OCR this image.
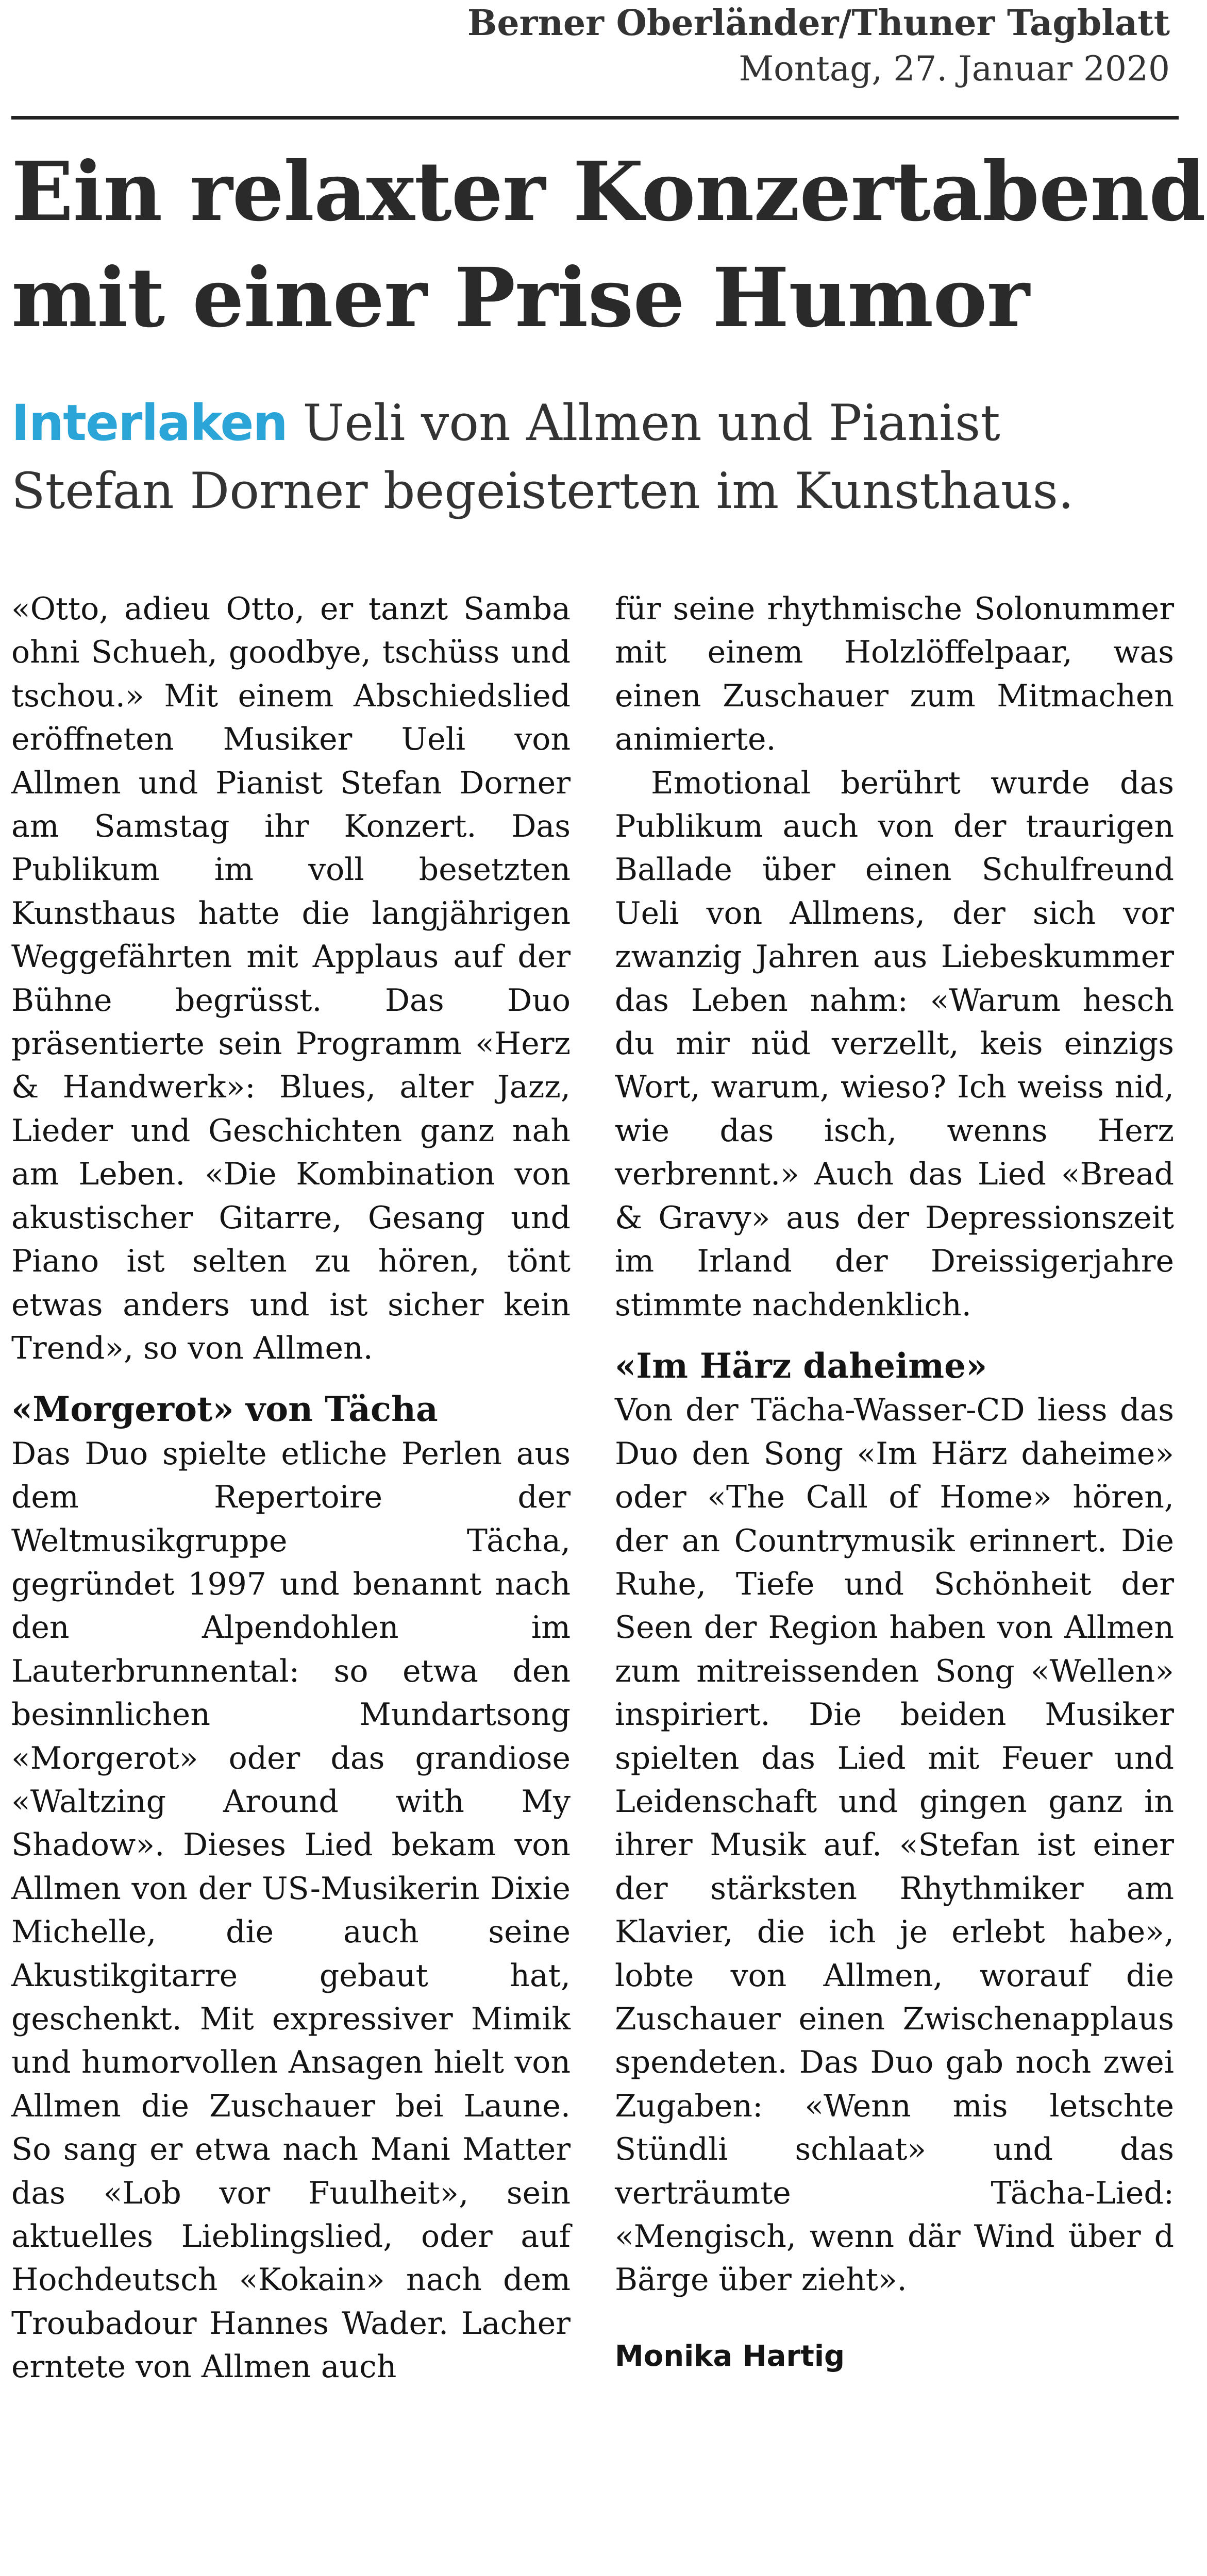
Berner Oberländer/Thuner Tagblatt
Montag, 27. Januar 2020
Ein relaxter Konzertabend
mit einer Prise Humor
Interlaken Ueli von Allmen und Pianist
Stefan Dorner begeisterten im Kunsthaus.

«Otto, adieu Otto, er tanzt Samba ohni Schueh, goodbye, tschüss und tschou.» Mit einem Abschiedslied eröffneten Musiker Ueli von Allmen und Pianist Stefan Dorner am Samstag ihr Konzert. Das Publikum im voll besetzten Kunsthaus hatte die langjährigen Weggefährten mit Applaus auf der Bühne begrüsst. Das Duo präsentierte sein Programm «Herz & Handwerk»: Blues, alter Jazz, Lieder und Geschichten ganz nah am Leben. «Die Kombination von akustischer Gitarre, Gesang und Piano ist selten zu hören, tönt etwas anders und ist sicher kein Trend», so von Allmen.

«Morgerot» von Tächa

Das Duo spielte etliche Perlen aus dem Repertoire der Weltmusikgruppe Tächa, gegründet 1997 und benannt nach den Alpendohlen im Lauterbrunnental: so etwa den besinnlichen Mundartsong «Morgerot» oder das grandiose «Waltzing Around with My Shadow». Dieses Lied bekam von Allmen von der US-Musikerin Dixie Michelle, die auch seine Akustikgitarre gebaut hat, geschenkt. Mit expressiver Mimik und humorvollen Ansagen hielt von Allmen die Zuschauer bei Laune. So sang er etwa nach Mani Matter das «Lob vor Fuulheit», sein aktuelles Lieblingslied, oder auf Hochdeutsch «Kokain» nach dem Troubadour Hannes Wader. Lacher erntete von Allmen auch

für seine rhythmische Solonummer mit einem Holzlöffelpaar, was einen Zuschauer zum Mitmachen animierte.

Emotional berührt wurde das Publikum auch von der traurigen Ballade über einen Schulfreund Ueli von Allmens, der sich vor zwanzig Jahren aus Liebeskummer das Leben nahm: «Warum hesch du mir nüd verzellt, keis einzigs Wort, warum, wieso? Ich weiss nid, wie das isch, wenns Herz verbrennt.» Auch das Lied «Bread & Gravy» aus der Depressionszeit im Irland der Dreissigerjahre stimmte nachdenklich.

«Im Härz daheime»

Von der Tächa-Wasser-CD liess das Duo den Song «Im Härz daheime» oder «The Call of Home» hören, der an Countrymusik erinnert. Die Ruhe, Tiefe und Schönheit der Seen der Region haben von Allmen zum mitreissenden Song «Wellen» inspiriert. Die beiden Musiker spielten das Lied mit Feuer und Leidenschaft und gingen ganz in ihrer Musik auf. «Stefan ist einer der stärksten Rhythmiker am Klavier, die ich je erlebt habe», lobte von Allmen, worauf die Zuschauer einen Zwischenapplaus spendeten. Das Duo gab noch zwei Zugaben: «Wenn mis letschte Stündli schlaat» und das verträumte Tächa-Lied: «Mengisch, wenn där Wind über d Bärge über zieht».

Monika Hartig
